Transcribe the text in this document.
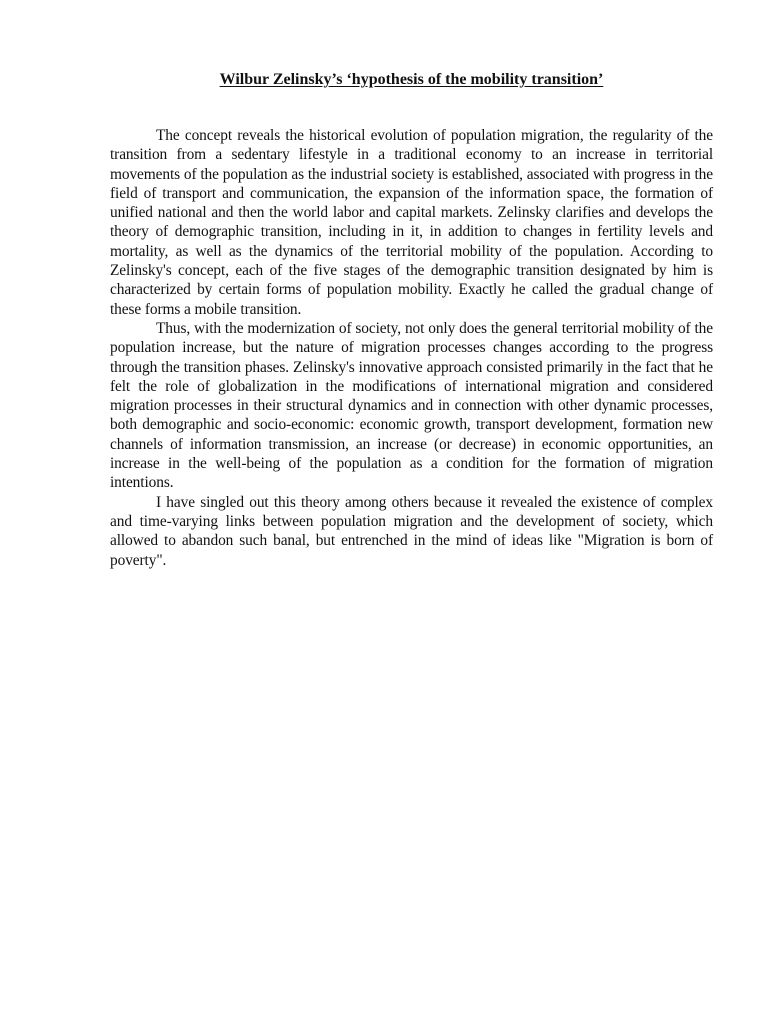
Wilbur Zelinsky’s ‘hypothesis of the mobility transition’

The concept reveals the historical evolution of population migration, the regularity of the transition from a sedentary lifestyle in a traditional economy to an increase in territorial movements of the population as the industrial society is established, associated with progress in the field of transport and communication, the expansion of the information space, the formation of unified national and then the world labor and capital markets. Zelinsky clarifies and develops the theory of demographic transition, including in it, in addition to changes in fertility levels and mortality, as well as the dynamics of the territorial mobility of the population. According to Zelinsky's concept, each of the five stages of the demographic transition designated by him is characterized by certain forms of population mobility. Exactly he called the gradual change of these forms a mobile transition.

Thus, with the modernization of society, not only does the general territorial mobility of the population increase, but the nature of migration processes changes according to the progress through the transition phases. Zelinsky's innovative approach consisted primarily in the fact that he felt the role of globalization in the modifications of international migration and considered migration processes in their structural dynamics and in connection with other dynamic processes, both demographic and socio-economic: economic growth, transport development, formation new channels of information transmission, an increase (or decrease) in economic opportunities, an increase in the well-being of the population as a condition for the formation of migration intentions.

I have singled out this theory among others because it revealed the existence of complex and time-varying links between population migration and the development of society, which allowed to abandon such banal, but entrenched in the mind of ideas like "Migration is born of poverty".
